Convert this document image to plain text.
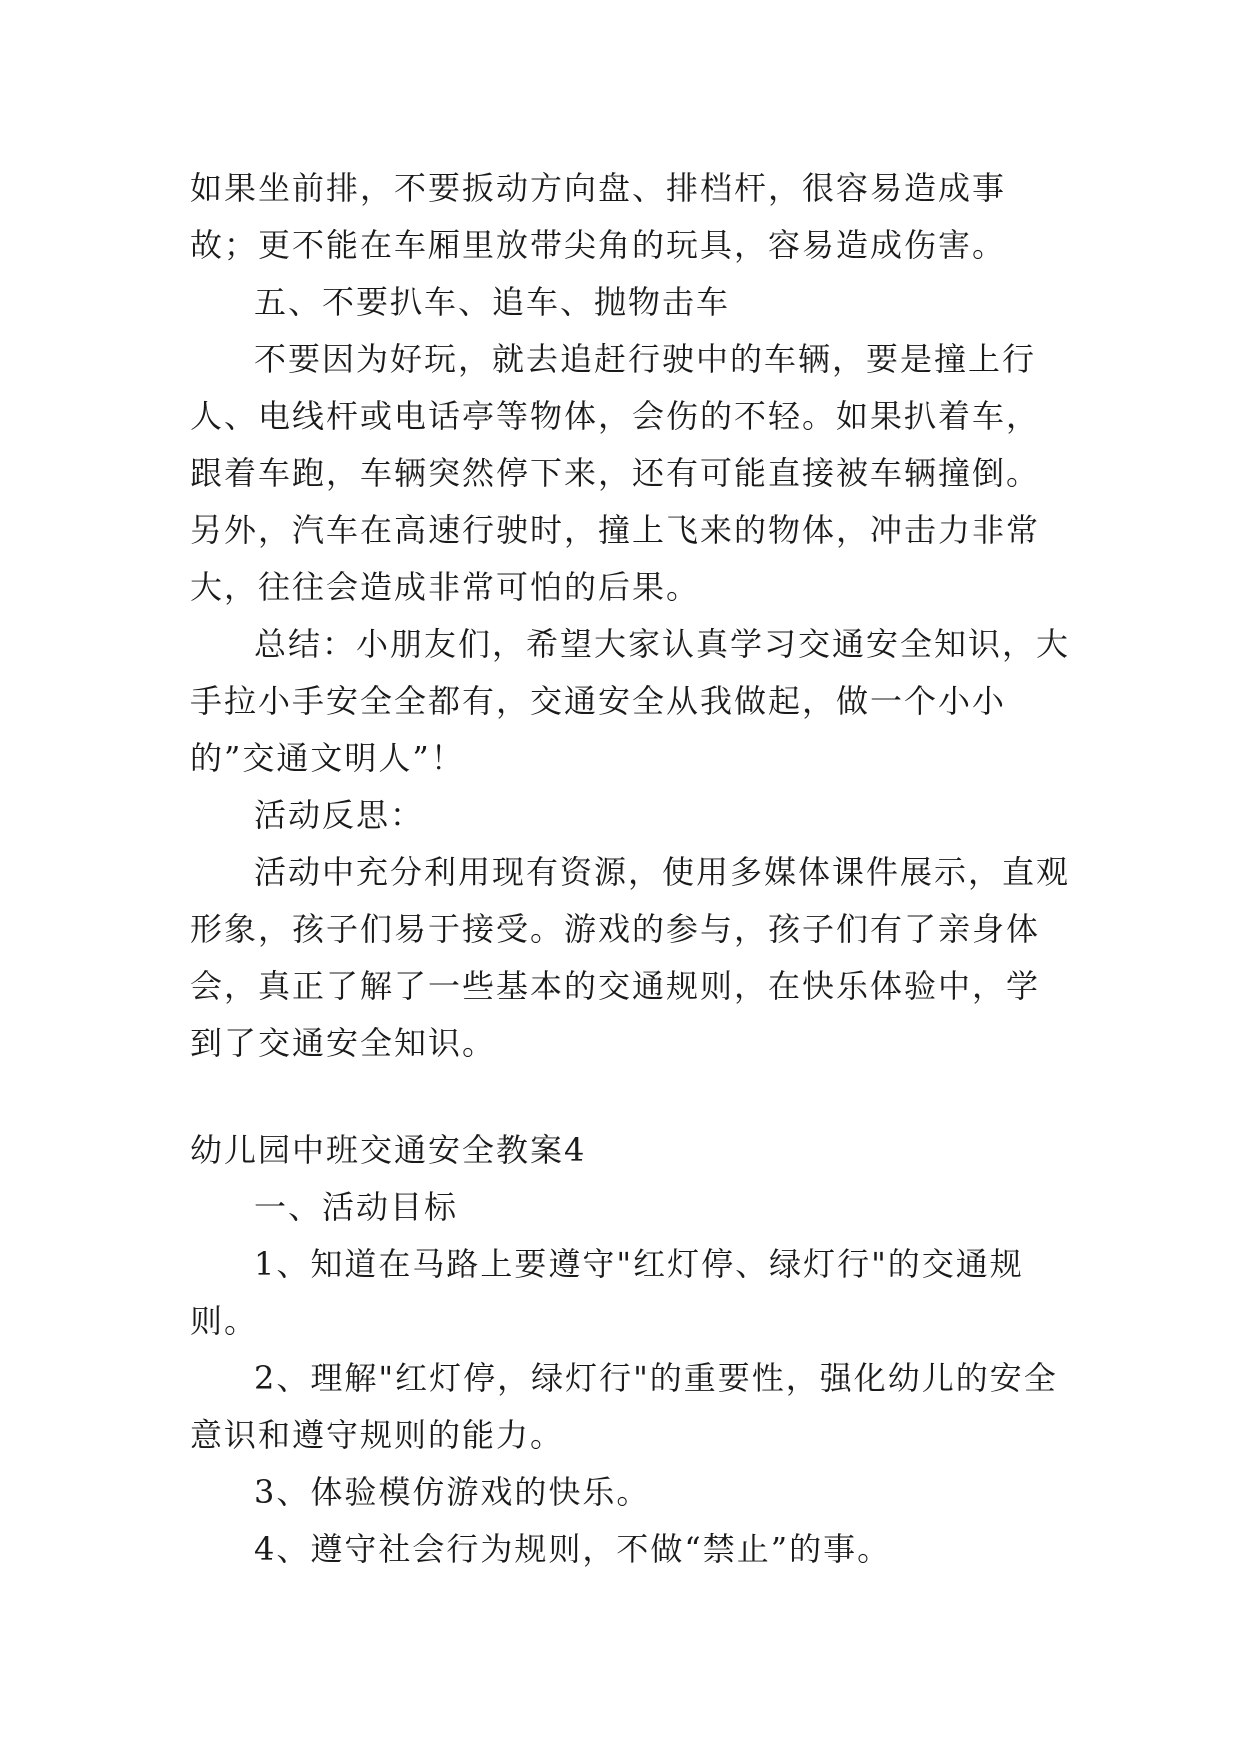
如果坐前排，不要扳动方向盘、排档杆，很容易造成事故；更不能在车厢里放带尖角的玩具，容易造成伤害。

五、不要扒车、追车、抛物击车

不要因为好玩，就去追赶行驶中的车辆，要是撞上行人、电线杆或电话亭等物体，会伤的不轻。如果扒着车，跟着车跑，车辆突然停下来，还有可能直接被车辆撞倒。另外，汽车在高速行驶时，撞上飞来的物体，冲击力非常大，往往会造成非常可怕的后果。

总结：小朋友们，希望大家认真学习交通安全知识，大手拉小手安全全都有，交通安全从我做起，做一个小小的”交通文明人”！

活动反思：

活动中充分利用现有资源，使用多媒体课件展示，直观形象，孩子们易于接受。游戏的参与，孩子们有了亲身体会，真正了解了一些基本的交通规则，在快乐体验中，学到了交通安全知识。

幼儿园中班交通安全教案4

一、活动目标

1、知道在马路上要遵守"红灯停、绿灯行"的交通规则。

2、理解"红灯停，绿灯行"的重要性，强化幼儿的安全意识和遵守规则的能力。

3、体验模仿游戏的快乐。

4、遵守社会行为规则，不做“禁止”的事。
